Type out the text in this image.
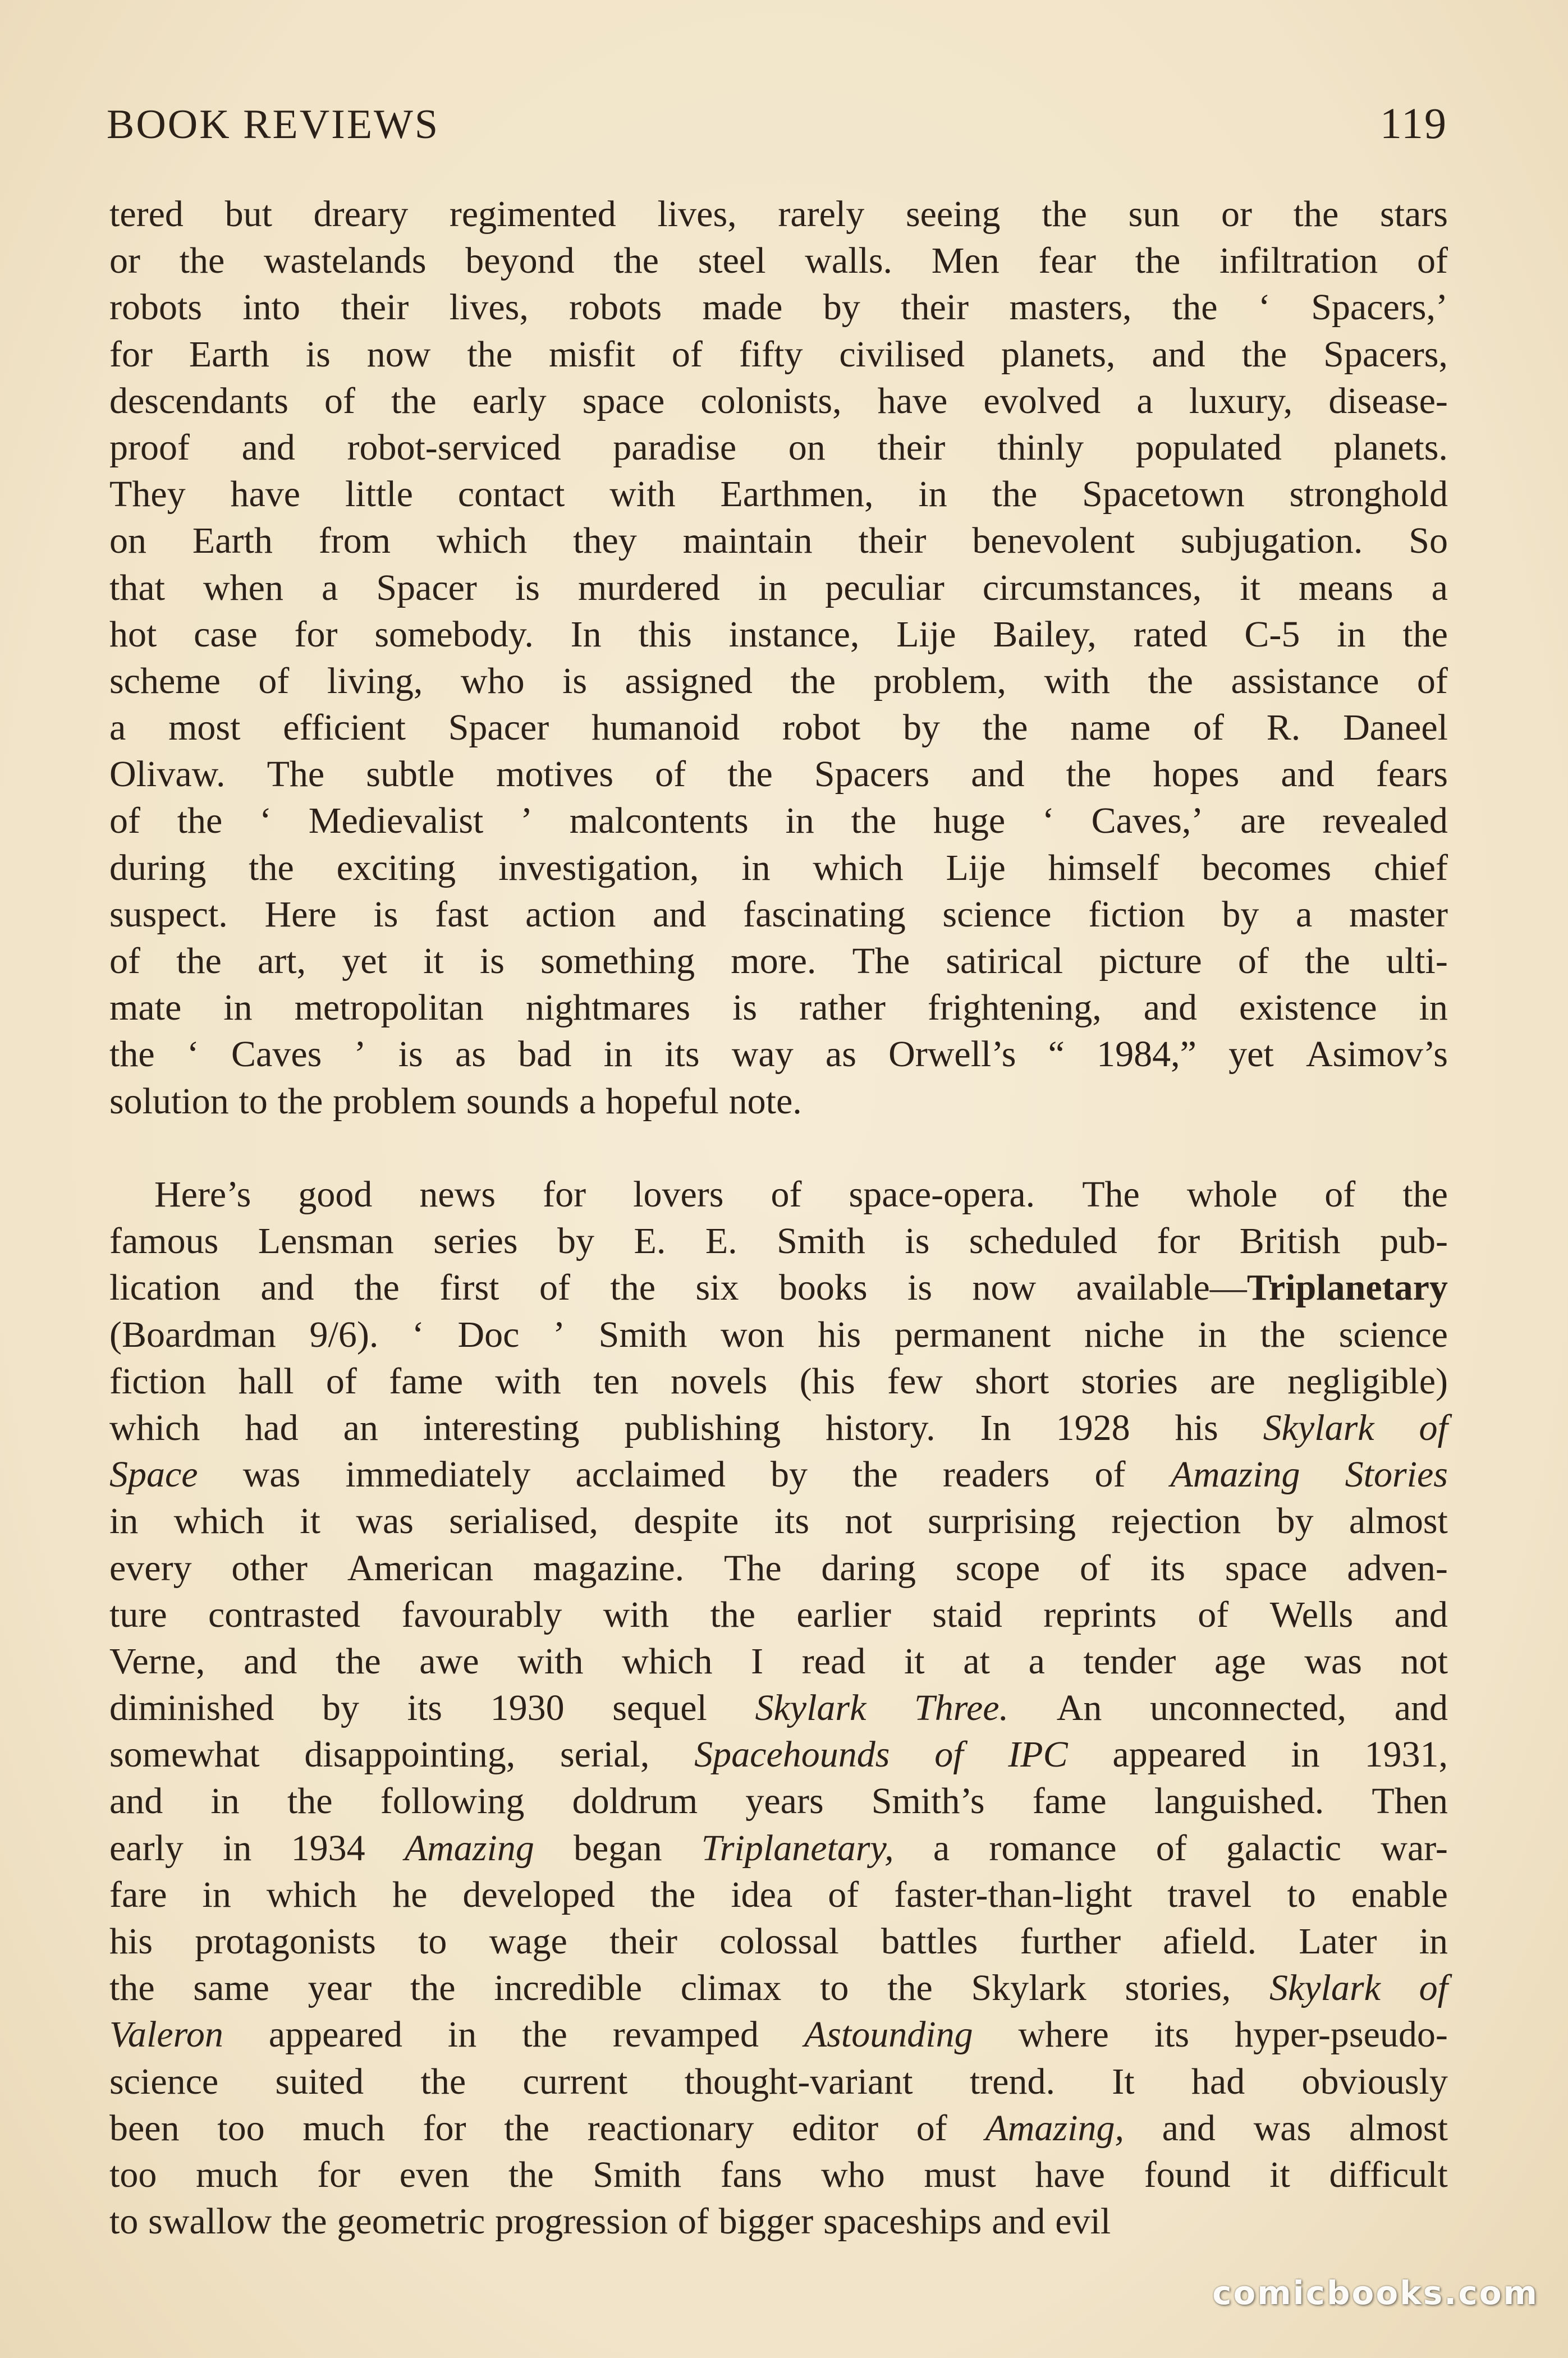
BOOK REVIEWS	119
tered but dreary regimented lives, rarely seeing the sun or the stars
or the wastelands beyond the steel walls. Men fear the infiltration of
robots into their lives, robots made by their masters, the ‘ Spacers,’
for Earth is now the misfit of fifty civilised planets, and the Spacers,
descendants of the early space colonists, have evolved a luxury, disease-
proof and robot-serviced paradise on their thinly populated planets.
They have little contact with Earthmen, in the Spacetown stronghold
on Earth from which they maintain their benevolent subjugation. So
that when a Spacer is murdered in peculiar circumstances, it means a
hot case for somebody. In this instance, Lije Bailey, rated C-5 in the
scheme of living, who is assigned the problem, with the assistance of
a most efficient Spacer humanoid robot by the name of R. Daneel
Olivaw. The subtle motives of the Spacers and the hopes and fears
of the ‘ Medievalist ’ malcontents in the huge ‘ Caves,’ are revealed
during the exciting investigation, in which Lije himself becomes chief
suspect. Here is fast action and fascinating science fiction by a master
of the art, yet it is something more. The satirical picture of the ulti-
mate in metropolitan nightmares is rather frightening, and existence in
the ‘ Caves ’ is as bad in its way as Orwell’s “ 1984,” yet Asimov’s
solution to the problem sounds a hopeful note.
Here’s good news for lovers of space-opera. The whole of the
famous Lensman series by E. E. Smith is scheduled for British pub-
lication and the first of the six books is now available—Triplanetary
(Boardman 9/6). ‘ Doc ’ Smith won his permanent niche in the science
fiction hall of fame with ten novels (his few short stories are negligible)
which had an interesting publishing history. In 1928 his Skylark of
Space was immediately acclaimed by the readers of Amazing Stories
in which it was serialised, despite its not surprising rejection by almost
every other American magazine. The daring scope of its space adven-
ture contrasted favourably with the earlier staid reprints of Wells and
Verne, and the awe with which I read it at a tender age was not
diminished by its 1930 sequel Skylark Three. An unconnected, and
somewhat disappointing, serial, Spacehounds of IPC appeared in 1931,
and in the following doldrum years Smith’s fame languished. Then
early in 1934 Amazing began Triplanetary, a romance of galactic war-
fare in which he developed the idea of faster-than-light travel to enable
his protagonists to wage their colossal battles further afield. Later in
the same year the incredible climax to the Skylark stories, Skylark of
Valeron appeared in the revamped Astounding where its hyper-pseudo-
science suited the current thought-variant trend. It had obviously
been too much for the reactionary editor of Amazing, and was almost
too much for even the Smith fans who must have found it difficult
to swallow the geometric progression of bigger spaceships and evil
comicbooks.com
